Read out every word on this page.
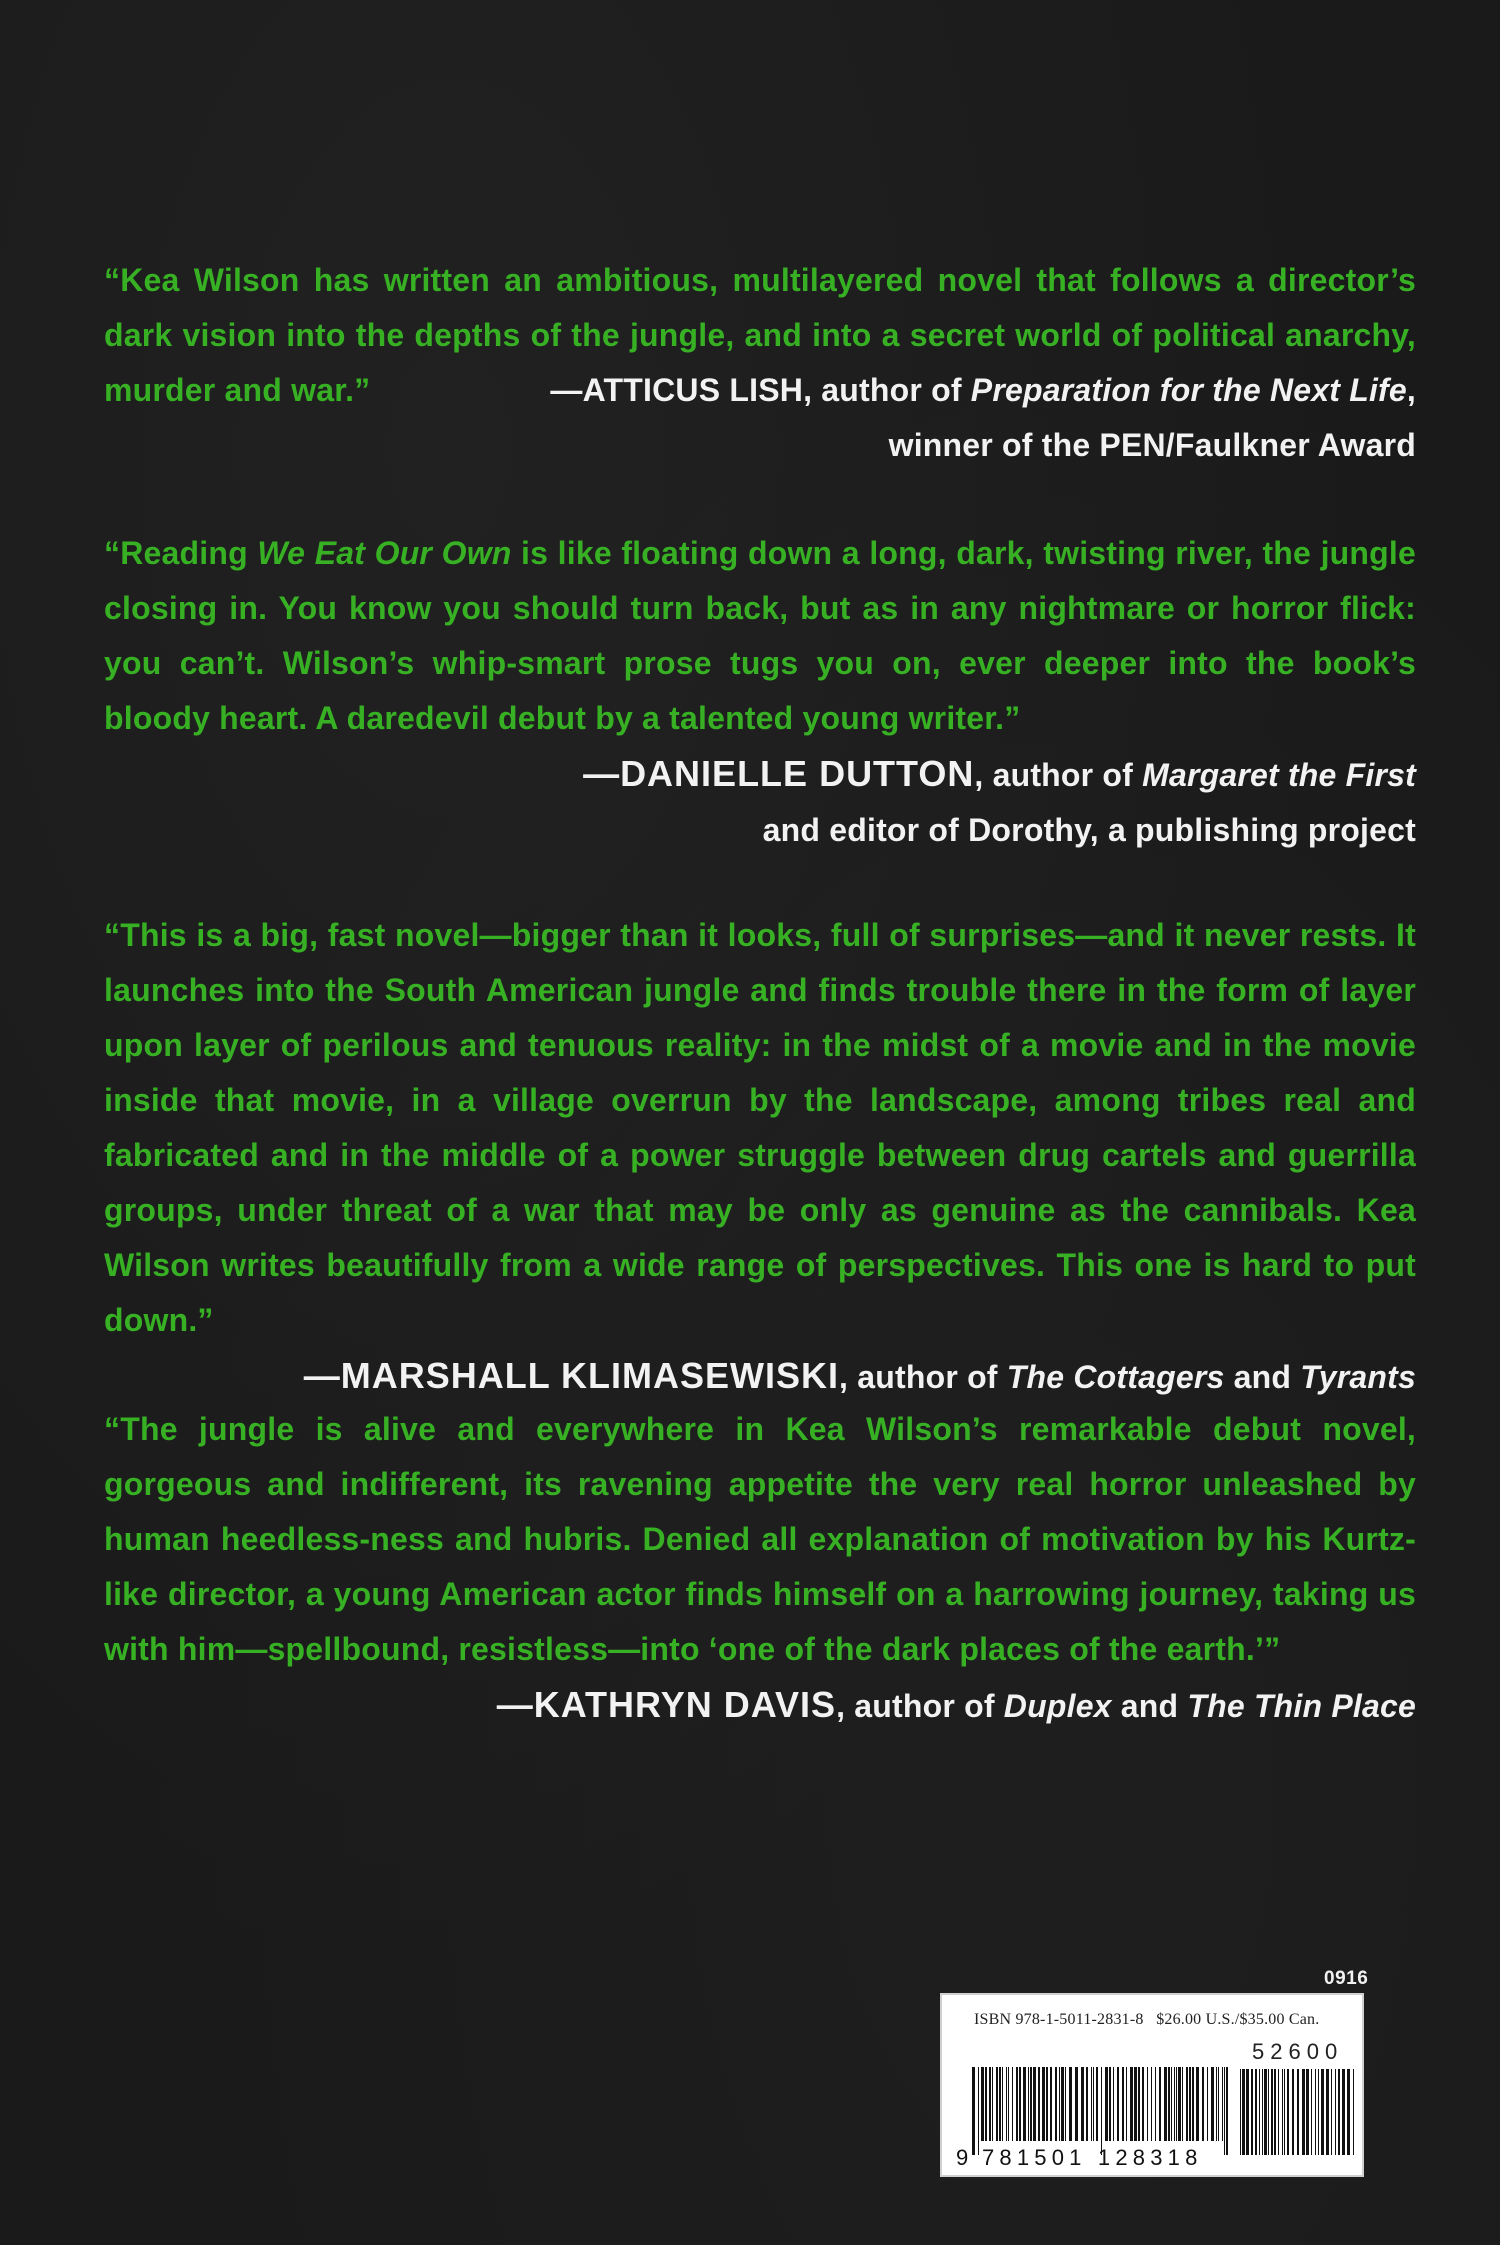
“Kea Wilson has written an ambitious, multilayered novel that follows a director’s dark vision into the depths of the jungle, and into a secret world of political anarchy, murder and war.”	—ATTICUS LISH, author of Preparation for the Next Life,

winner of the PEN/Faulkner Award

“Reading We Eat Our Own is like floating down a long, dark, twisting river, the jungle closing in. You know you should turn back, but as in any nightmare or horror flick: you can’t. Wilson’s whip-smart prose tugs you on, ever deeper into the book’s bloody heart. A daredevil debut by a talented young writer.”

—DANIELLE DUTTON, author of Margaret the First
and editor of Dorothy, a publishing project

“This is a big, fast novel—bigger than it looks, full of surprises—and it never rests. It launches into the South American jungle and finds trouble there in the form of layer upon layer of perilous and tenuous reality: in the midst of a movie and in the movie inside that movie, in a village overrun by the landscape, among tribes real and fabricated and in the middle of a power struggle between drug cartels and guerrilla groups, under threat of a war that may be only as genuine as the cannibals. Kea Wilson writes beautifully from a wide range of perspectives. This one is hard to put down.”

—MARSHALL KLIMASEWISKI, author of The Cottagers and Tyrants

“The jungle is alive and everywhere in Kea Wilson’s remarkable debut novel, gorgeous and indifferent, its ravening appetite the very real horror unleashed by human heedless-ness and hubris. Denied all explanation of motivation by his Kurtz-like director, a young American actor finds himself on a harrowing journey, taking us with him—spellbound, resistless—into ‘one of the dark places of the earth.’”

—KATHRYN DAVIS, author of Duplex and The Thin Place

0916
ISBN 978-1-5011-2831-8 $26.00 U.S./$35.00 Can.
52600
9 781501 128318
